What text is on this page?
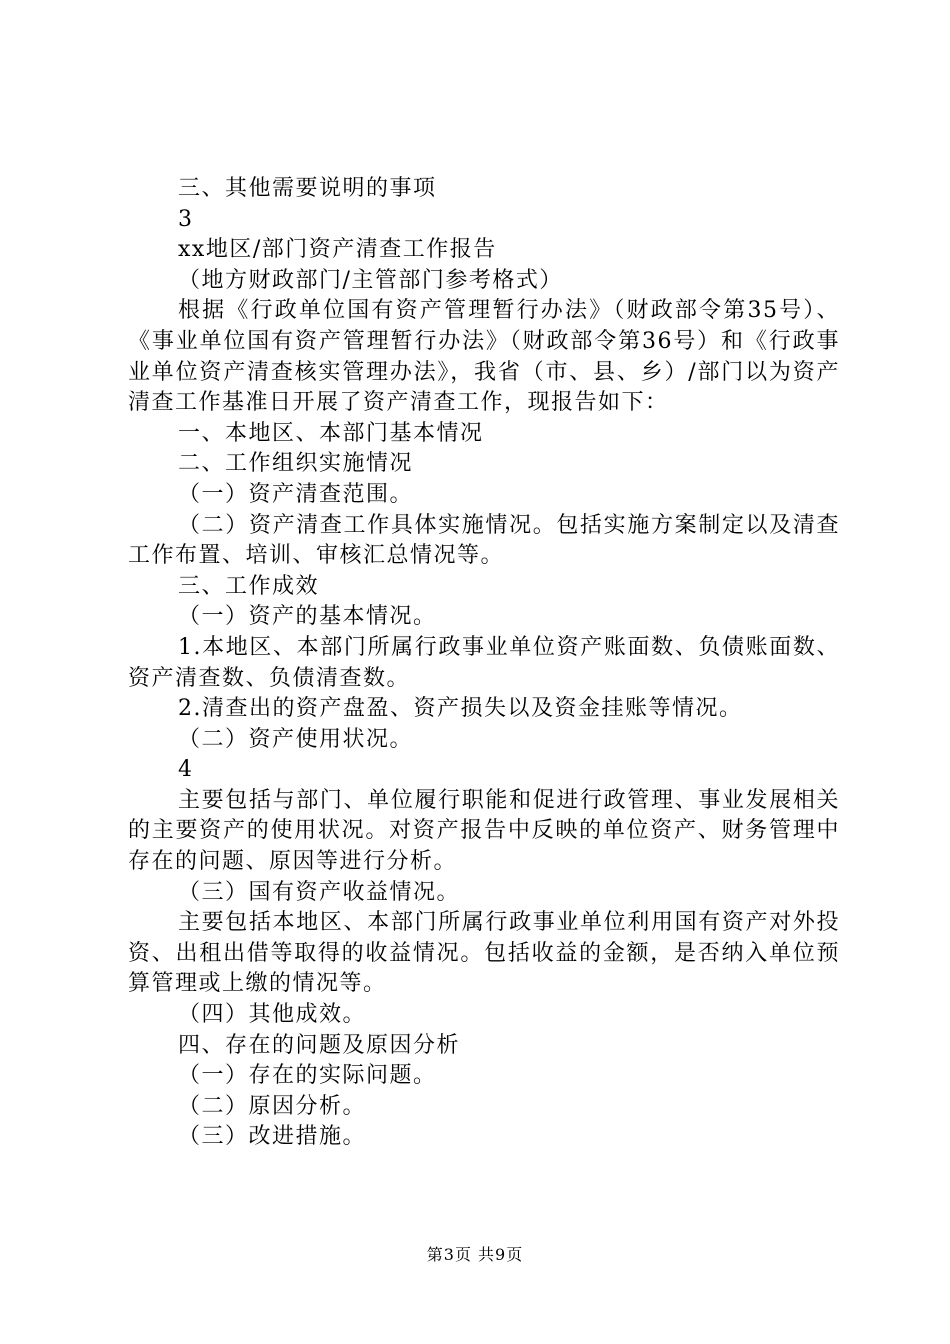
三、其他需要说明的事项

3

xx地区/部门资产清查工作报告

（地方财政部门/主管部门参考格式）

根据《行政单位国有资产管理暂行办法》（财政部令第35号）、《事业单位国有资产管理暂行办法》（财政部令第36号）和《行政事业单位资产清查核实管理办法》，我省（市、县、乡）/部门以为资产清查工作基准日开展了资产清查工作，现报告如下：

一、本地区、本部门基本情况

二、工作组织实施情况

（一）资产清查范围。

（二）资产清查工作具体实施情况。包括实施方案制定以及清查工作布置、培训、审核汇总情况等。

三、工作成效

（一）资产的基本情况。

1.本地区、本部门所属行政事业单位资产账面数、负债账面数、资产清查数、负债清查数。

2.清查出的资产盘盈、资产损失以及资金挂账等情况。

（二）资产使用状况。

4

主要包括与部门、单位履行职能和促进行政管理、事业发展相关的主要资产的使用状况。对资产报告中反映的单位资产、财务管理中存在的问题、原因等进行分析。

（三）国有资产收益情况。

主要包括本地区、本部门所属行政事业单位利用国有资产对外投资、出租出借等取得的收益情况。包括收益的金额，是否纳入单位预算管理或上缴的情况等。

（四）其他成效。

四、存在的问题及原因分析

（一）存在的实际问题。

（二）原因分析。

（三）改进措施。

第3页 共9页
